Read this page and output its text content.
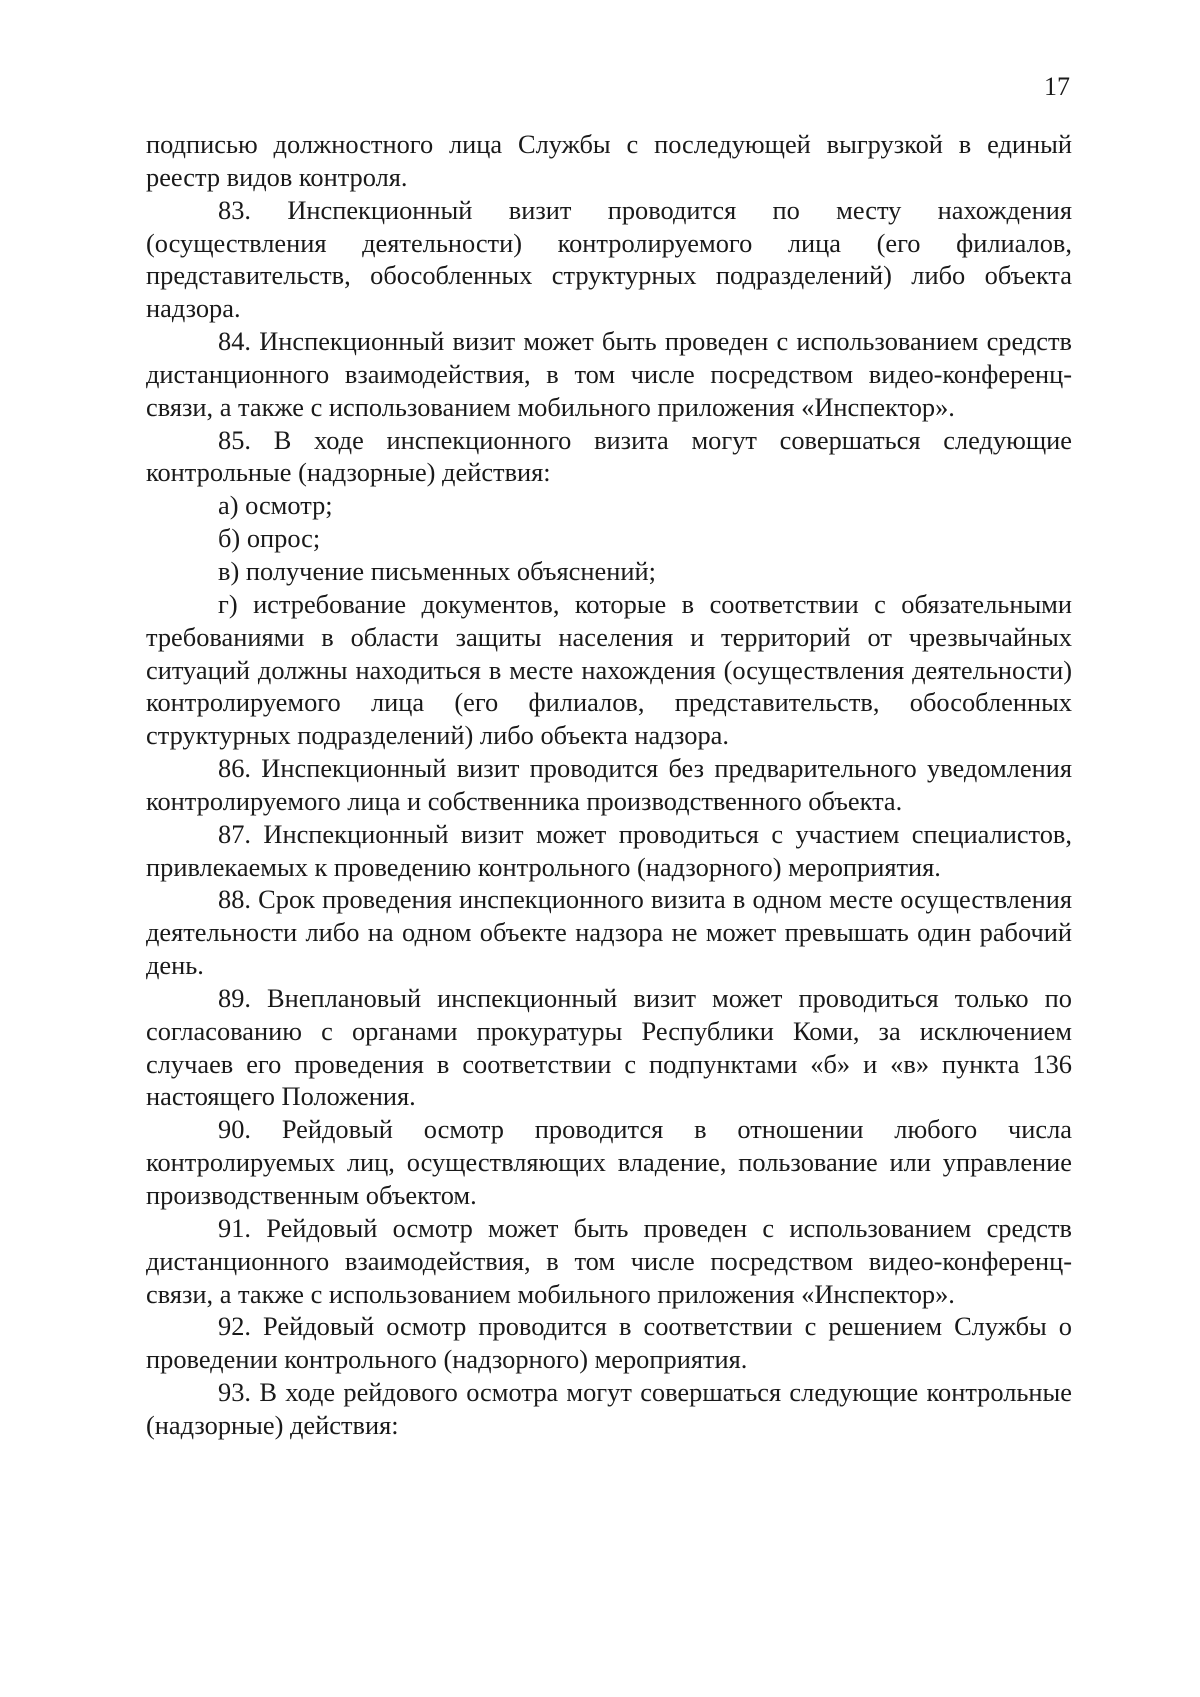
17

подписью должностного лица Службы с последующей выгрузкой в единый реестр видов контроля.

83. Инспекционный визит проводится по месту нахождения (осуществления деятельности) контролируемого лица (его филиалов, представительств, обособленных структурных подразделений) либо объекта надзора.

84. Инспекционный визит может быть проведен с использованием средств дистанционного взаимодействия, в том числе посредством видео-конференц-связи, а также с использованием мобильного приложения «Инспектор».

85. В ходе инспекционного визита могут совершаться следующие контрольные (надзорные) действия:

а) осмотр;

б) опрос;

в) получение письменных объяснений;

г) истребование документов, которые в соответствии с обязательными требованиями в области защиты населения и территорий от чрезвычайных ситуаций должны находиться в месте нахождения (осуществления деятельности) контролируемого лица (его филиалов, представительств, обособленных структурных подразделений) либо объекта надзора.

86. Инспекционный визит проводится без предварительного уведомления контролируемого лица и собственника производственного объекта.

87. Инспекционный визит может проводиться с участием специалистов, привлекаемых к проведению контрольного (надзорного) мероприятия.

88. Срок проведения инспекционного визита в одном месте осуществления деятельности либо на одном объекте надзора не может превышать один рабочий день.

89. Внеплановый инспекционный визит может проводиться только по согласованию с органами прокуратуры Республики Коми, за исключением случаев его проведения в соответствии с подпунктами «б» и «в» пункта 136 настоящего Положения.

90. Рейдовый осмотр проводится в отношении любого числа контролируемых лиц, осуществляющих владение, пользование или управление производственным объектом.

91. Рейдовый осмотр может быть проведен с использованием средств дистанционного взаимодействия, в том числе посредством видео-конференц-связи, а также с использованием мобильного приложения «Инспектор».

92. Рейдовый осмотр проводится в соответствии с решением Службы о проведении контрольного (надзорного) мероприятия.

93. В ходе рейдового осмотра могут совершаться следующие контрольные (надзорные) действия:
